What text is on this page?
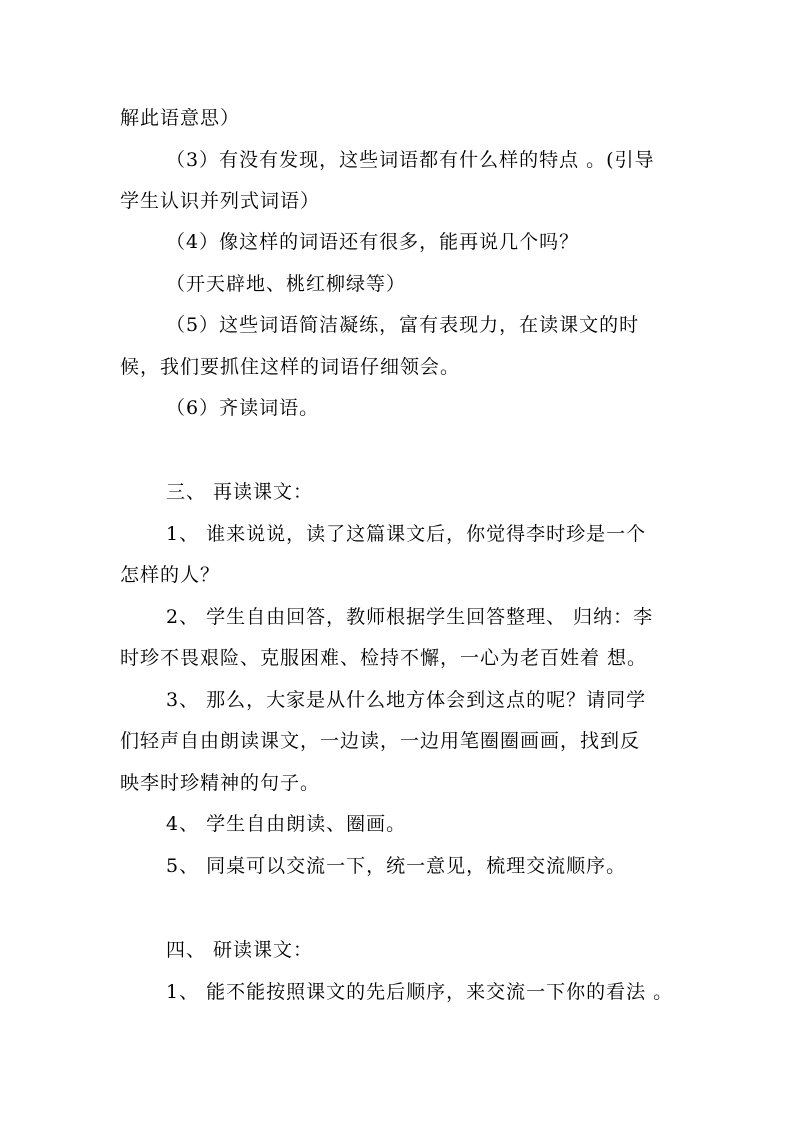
解此语意思）
（3）有没有发现，这些词语都有什么样的特点 。(引导
学生认识并列式词语）
（4）像这样的词语还有很多，能再说几个吗？
（开天辟地、桃红柳绿等）
（5）这些词语简洁凝练，富有表现力，在读课文的时
候，我们要抓住这样的词语仔细领会。
（6）齐读词语。
三、 再读课文：
1、 谁来说说，读了这篇课文后，你觉得李时珍是一个
怎样的人？
2、 学生自由回答，教师根据学生回答整理、 归纳：李
时珍不畏艰险、克服困难、检持不懈，一心为老百姓着 想。
3、 那么，大家是从什么地方体会到这点的呢？请同学
们轻声自由朗读课文，一边读，一边用笔圈圈画画，找到反
映李时珍精神的句子。
4、 学生自由朗读、圈画。
5、 同桌可以交流一下，统一意见，梳理交流顺序。
四、 研读课文：
1、 能不能按照课文的先后顺序，来交流一下你的看法 。
